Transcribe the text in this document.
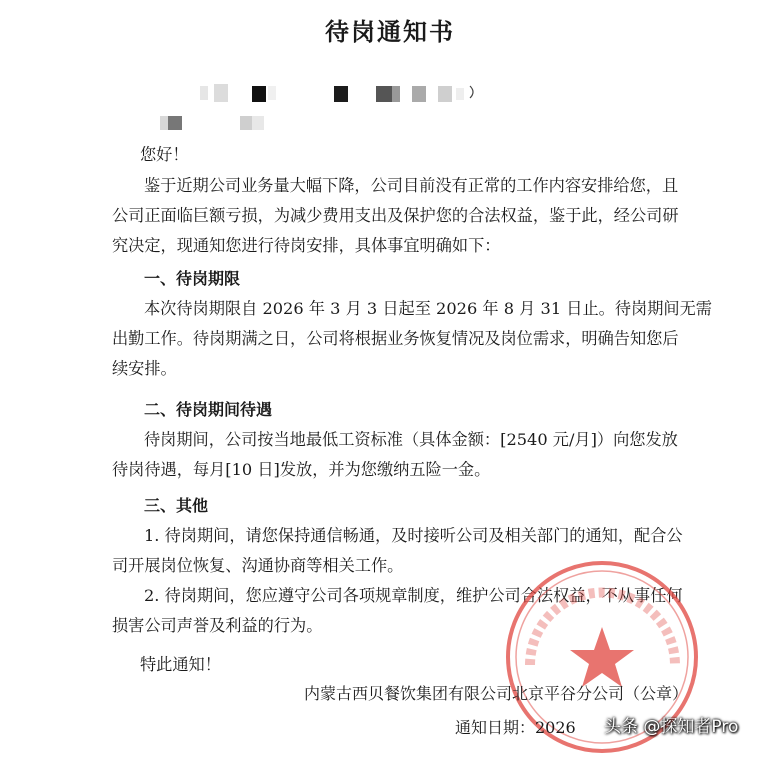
待岗通知书
您好！
鉴于近期公司业务量大幅下降，公司目前没有正常的工作内容安排给您，且
公司正面临巨额亏损，为减少费用支出及保护您的合法权益，鉴于此，经公司研
究决定，现通知您进行待岗安排，具体事宜明确如下：
一、待岗期限
本次待岗期限自 2026 年 3 月 3 日起至 2026 年 8 月 31 日止。待岗期间无需
出勤工作。待岗期满之日，公司将根据业务恢复情况及岗位需求，明确告知您后
续安排。
二、待岗期间待遇
待岗期间，公司按当地最低工资标准（具体金额：[2540 元/月]）向您发放
待岗待遇，每月[10 日]发放，并为您缴纳五险一金。
三、其他
1. 待岗期间，请您保持通信畅通，及时接听公司及相关部门的通知，配合公
司开展岗位恢复、沟通协商等相关工作。
2. 待岗期间，您应遵守公司各项规章制度，维护公司合法权益，不从事任何
损害公司声誉及利益的行为。
特此通知！
内蒙古西贝餐饮集团有限公司北京平谷分公司（公章）
通知日期：2026 头条 @探知者Pro
